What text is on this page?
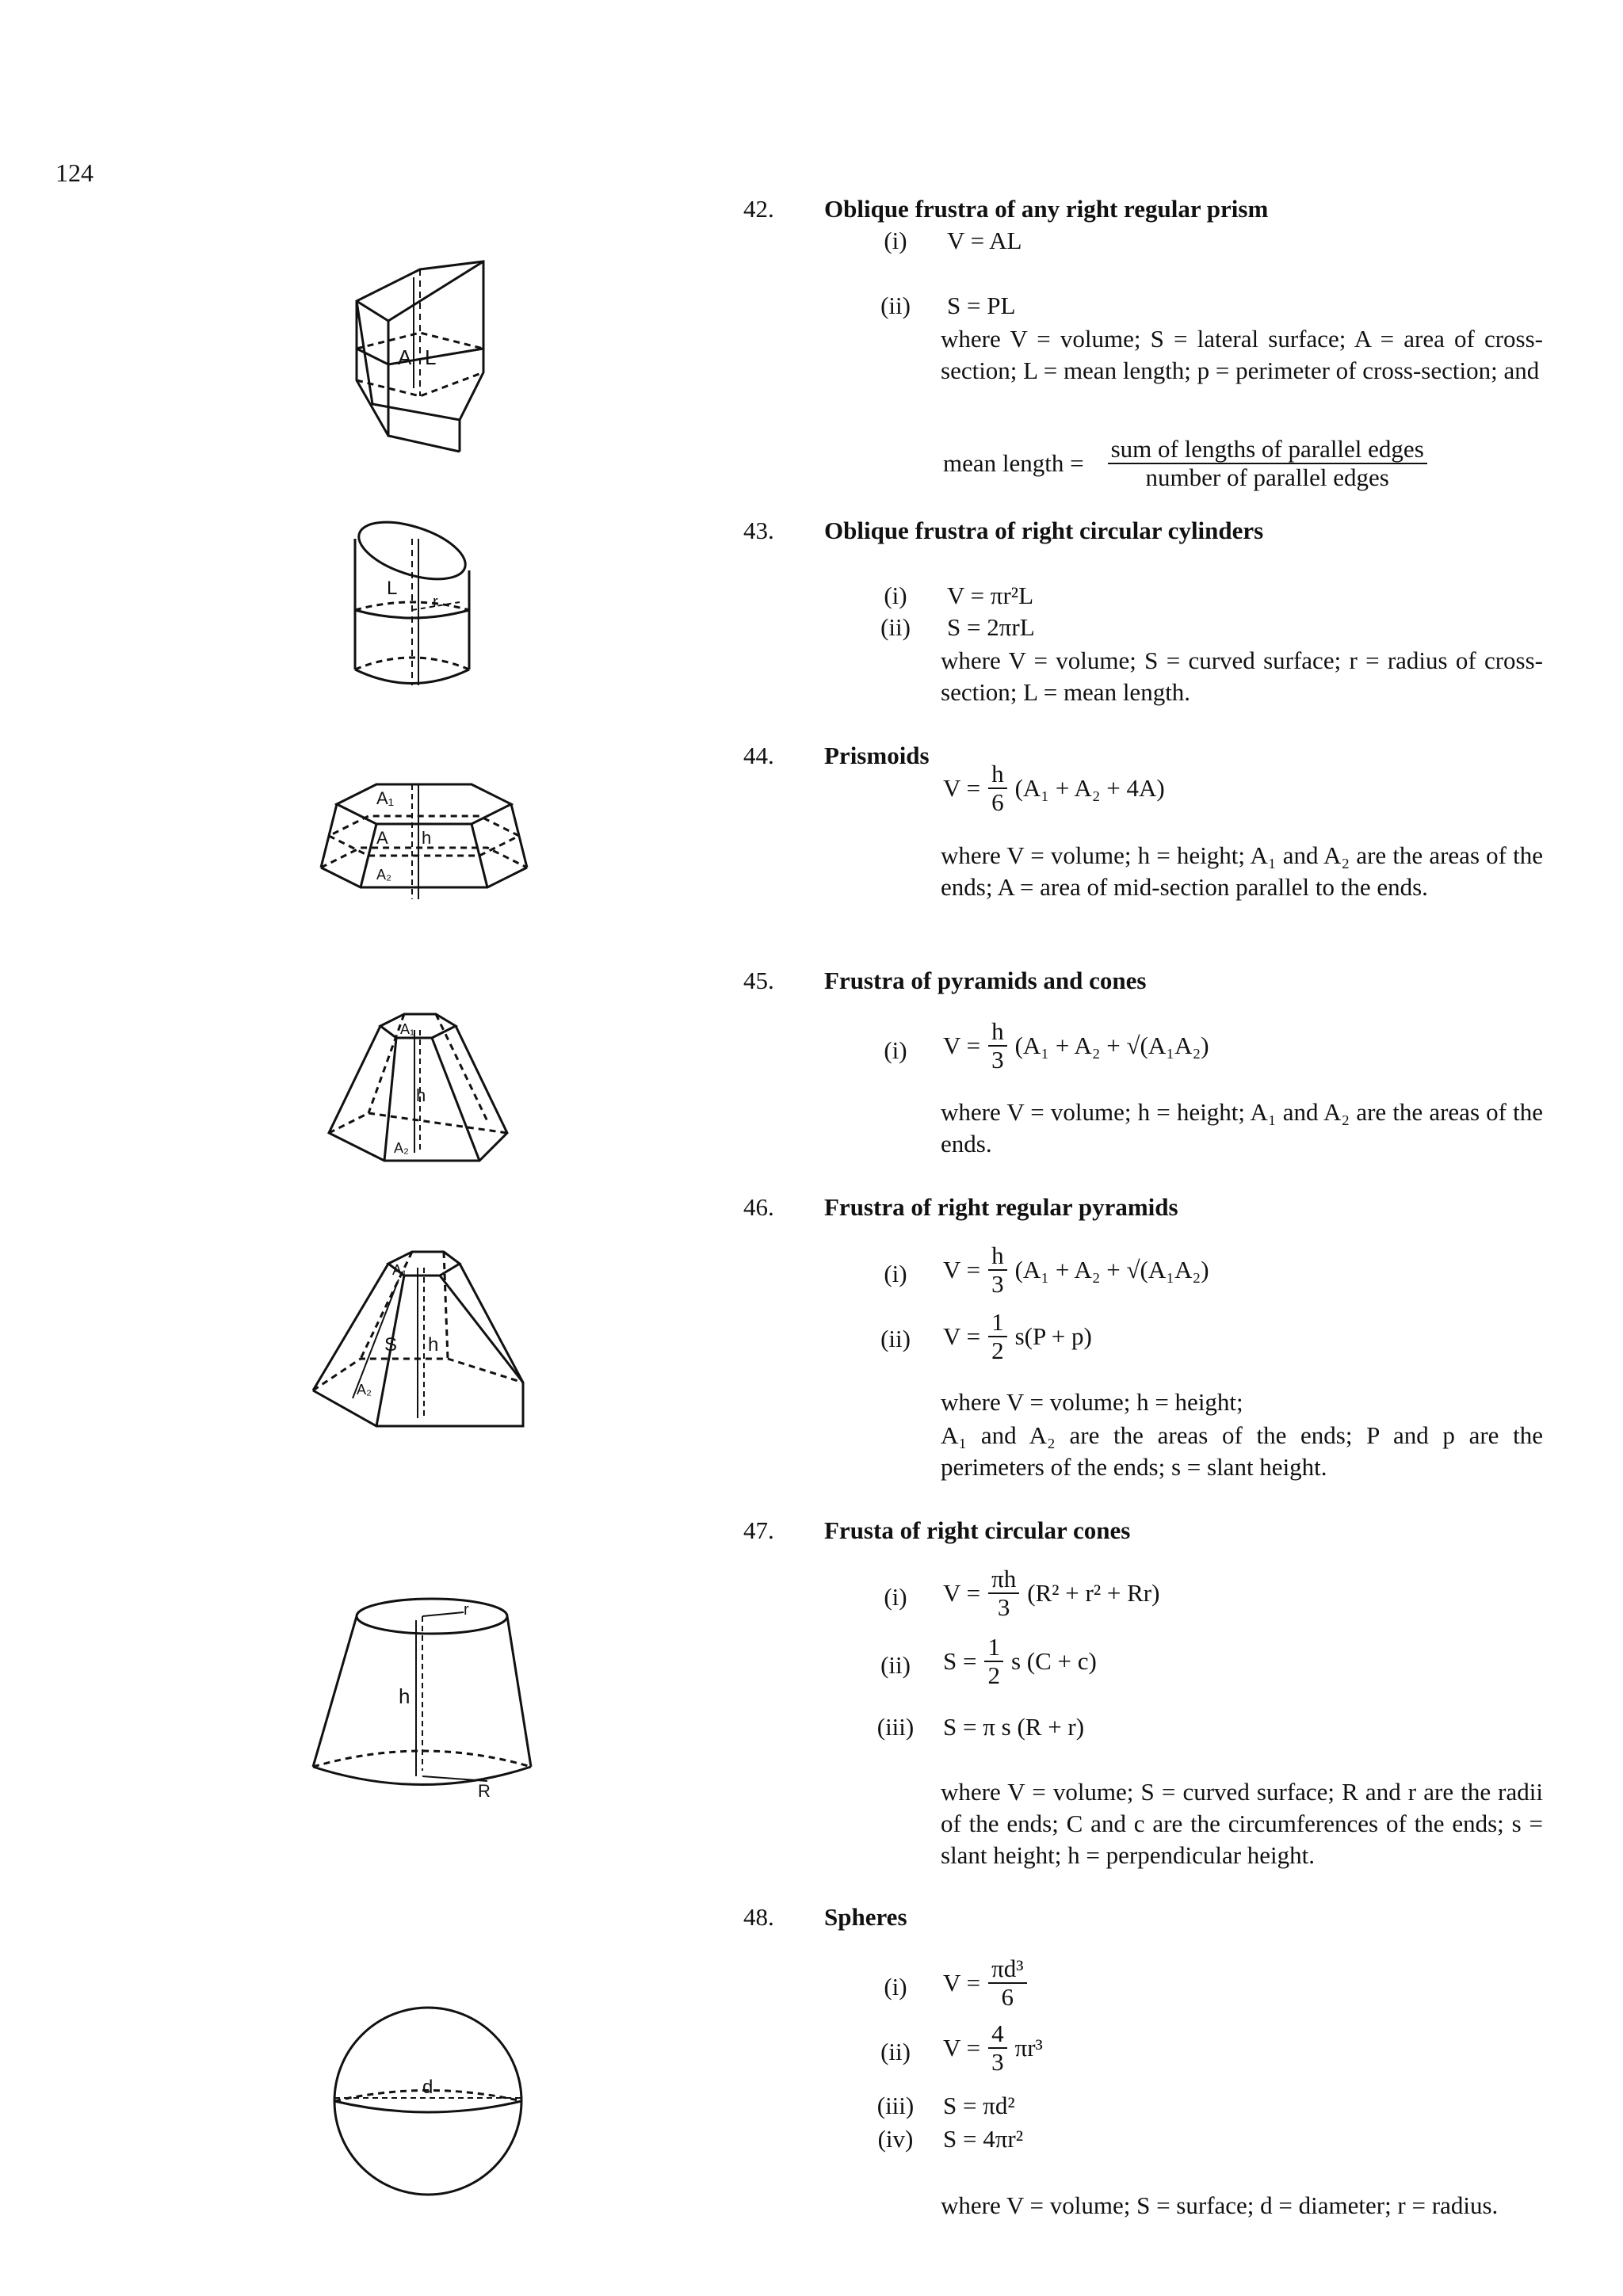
124
A L
L
r
A₁
A h
A₂
A₁
h
A₂
A₁
S h
A₂
r
h
R
d
42. Oblique frustra of any right regular prism
(i)	V = AL
(ii)	S = PL
where V = volume; S = lateral surface; A = area of cross-section; L = mean length; p = perimeter of cross-section; and
mean length = $\frac{\text{sum of lengths of parallel edges}}{\text{number of parallel edges}}$
43. Oblique frustra of right circular cylinders
(i)	V = πr²L
(ii)	S = 2πrL
where V = volume; S = curved surface; r = radius of cross-section; L = mean length.
44. Prismoids
$V = \frac{h}{6} (A_1 + A_2 + 4A)$
where V = volume; h = height; A₁ and A₂ are the areas of the ends; A = area of mid-section parallel to the ends.
45. Frustra of pyramids and cones
(i)	$V = \frac{h}{3} (A_1 + A_2 + √(A_1A_2)$
where V = volume; h = height; A₁ and A₂ are the areas of the ends.
46. Frustra of right regular pyramids
(i)	$V = \frac{h}{3} (A_1 + A_2 + √(A_1A_2)$
(ii)	$V = \frac{1}{2} s(P + p)$
where V = volume; h = height;
A₁ and A₂ are the areas of the ends; P and p are the perimeters of the ends; s = slant height.
47. Frusta of right circular cones
(i)	$V = \frac{\pi h}{3} (R^2 + r^2 + Rr)$
(ii)	$S = \frac{1}{2}$ s (C + c)
(iii)	S = π s (R + r)
where V = volume; S = curved surface; R and r are the radii of the ends; C and c are the circumferences of the ends; s = slant height; h = perpendicular height.
48. Spheres
(i)	$V = \frac{\text{πd³}}{6}$
(ii)	$V = \frac{4}{3} \pi r^3$
(iii)	S = πd²
(iv)	S = 4πr²
where V = volume; S = surface; d = diameter; r = radius.
